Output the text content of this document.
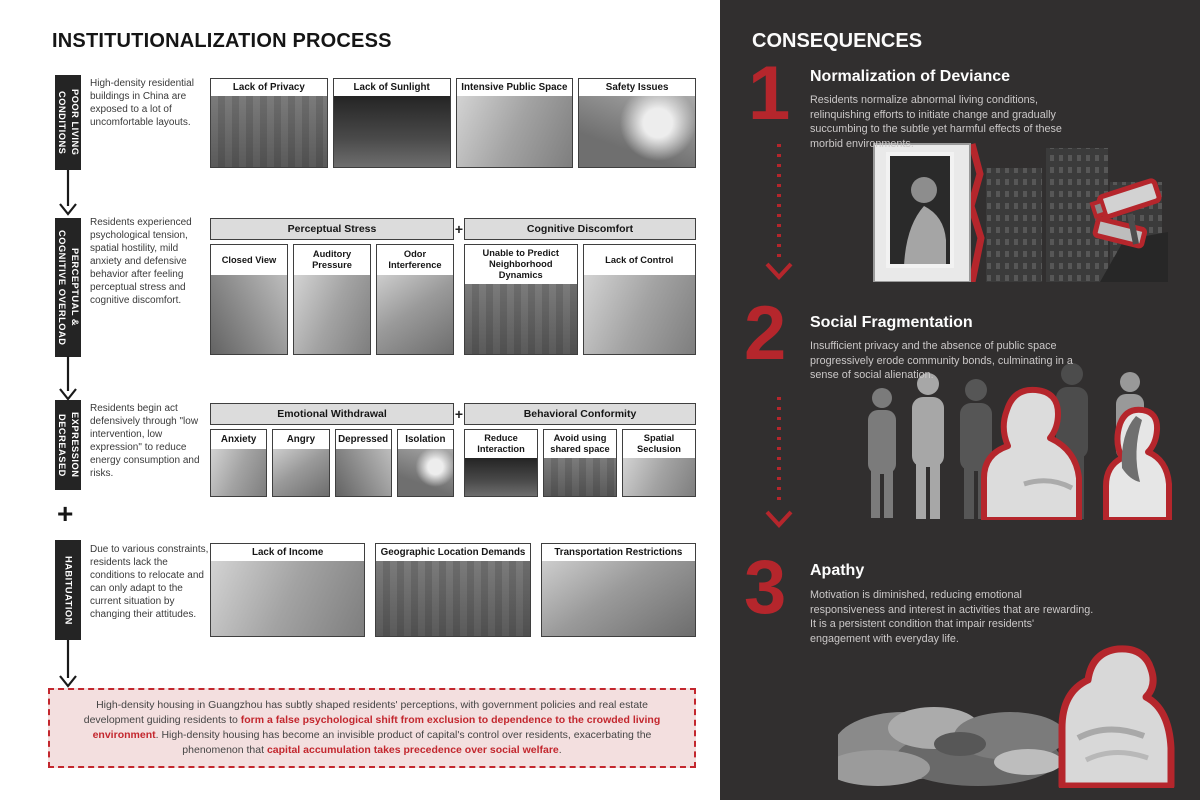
INSTITUTIONALIZATION PROCESS
POOR LIVING CONDITIONS
High-density residential buildings in China are exposed to a lot of uncomfortable layouts.
Lack of Privacy	Lack of Sunlight	Intensive Public Space	Safety Issues
PERCEPTUAL & COGNITIVE OVERLOAD
Residents experienced psychological tension, spatial hostility, mild anxiety and defensive behavior after feeling perceptual stress and cognitive discomfort.
Perceptual Stress	+	Cognitive Discomfort
Closed View
Auditory Pressure
Odor Interference
Unable to Predict Neighborhood Dynamics
Lack of Control
EXPRESSION DECREASED
Residents begin act defensively through "low intervention, low expression" to reduce energy consumption and risks.
Emotional Withdrawal	+	Behavioral Conformity
Anxiety	Angry	Depressed	Isolation	Reduce Interaction
Avoid using shared space
Spatial Seclusion
+
HABITUATION
Due to various constraints, residents lack the conditions to relocate and can only adapt to the current situation by changing their attitudes.
Lack of Income	Geographic Location Demands	Transportation Restrictions

High-density housing in Guangzhou has subtly shaped residents' perceptions, with government policies and real estate development guiding residents to form a false psychological shift from exclusion to dependence to the crowded living environment. High-density housing has become an invisible product of capital's control over residents, exacerbating the phenomenon that capital accumulation takes precedence over social welfare.

CONSEQUENCES
1 Normalization of Deviance
Residents normalize abnormal living conditions, relinquishing efforts to initiate change and gradually succumbing to the subtle yet harmful effects of these morbid environments.
2 Social Fragmentation
Insufficient privacy and the absence of public space progressively erode community bonds, culminating in a sense of social alienation.
3 Apathy
Motivation is diminished, reducing emotional responsiveness and interest in activities that are rewarding. It is a persistent condition that impair residents' engagement with everyday life.
